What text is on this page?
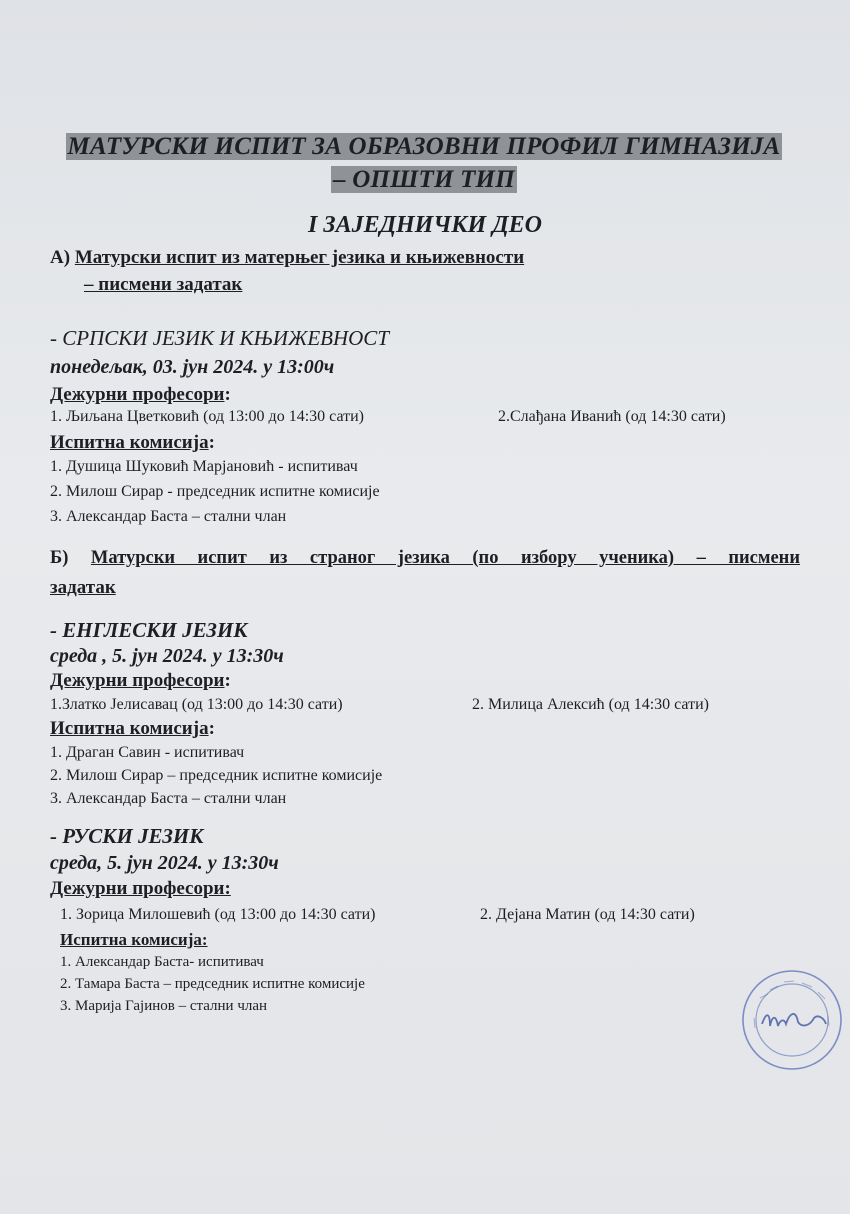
МАТУРСКИ ИСПИТ ЗА ОБРАЗОВНИ ПРОФИЛ ГИМНАЗИЈА
– ОПШТИ ТИП
I ЗАЈЕДНИЧКИ ДЕО
А) Матурски испит из матерњег језика и књижевности
– писмени задатак
- СРПСКИ ЈЕЗИК И КЊИЖЕВНОСТ
понедељак, 03. јун 2024. у 13:00ч
Дежурни професори:
1. Љиљана Цветковић (од 13:00 до 14:30 сати)	2.Слађана Иванић (од 14:30 сати)
Испитна комисија:
1. Душица Шуковић Марјановић - испитивач
2. Милош Сирар - председник испитне комисије
3. Александар Баста – стални члан
Б) Матурски испит из страног језика (по избору ученика) – писмени
задатак
- ЕНГЛЕСКИ ЈЕЗИК
среда , 5. јун 2024. у 13:30ч
Дежурни професори:
1.Златко Јелисавац (од 13:00 до 14:30 сати)	2. Милица Алексић (од 14:30 сати)
Испитна комисија:
1. Драган Савин - испитивач
2. Милош Сирар – председник испитне комисије
3. Александар Баста – стални члан
- РУСКИ ЈЕЗИК
среда, 5. јун 2024. у 13:30ч
Дежурни професори:
1. Зорица Милошевић (од 13:00 до 14:30 сати)	2. Дејана Матин (од 14:30 сати)
Испитна комисија:
1. Александар Баста- испитивач
2. Тамара Баста – председник испитне комисије
3. Марија Гајинов – стални члан
